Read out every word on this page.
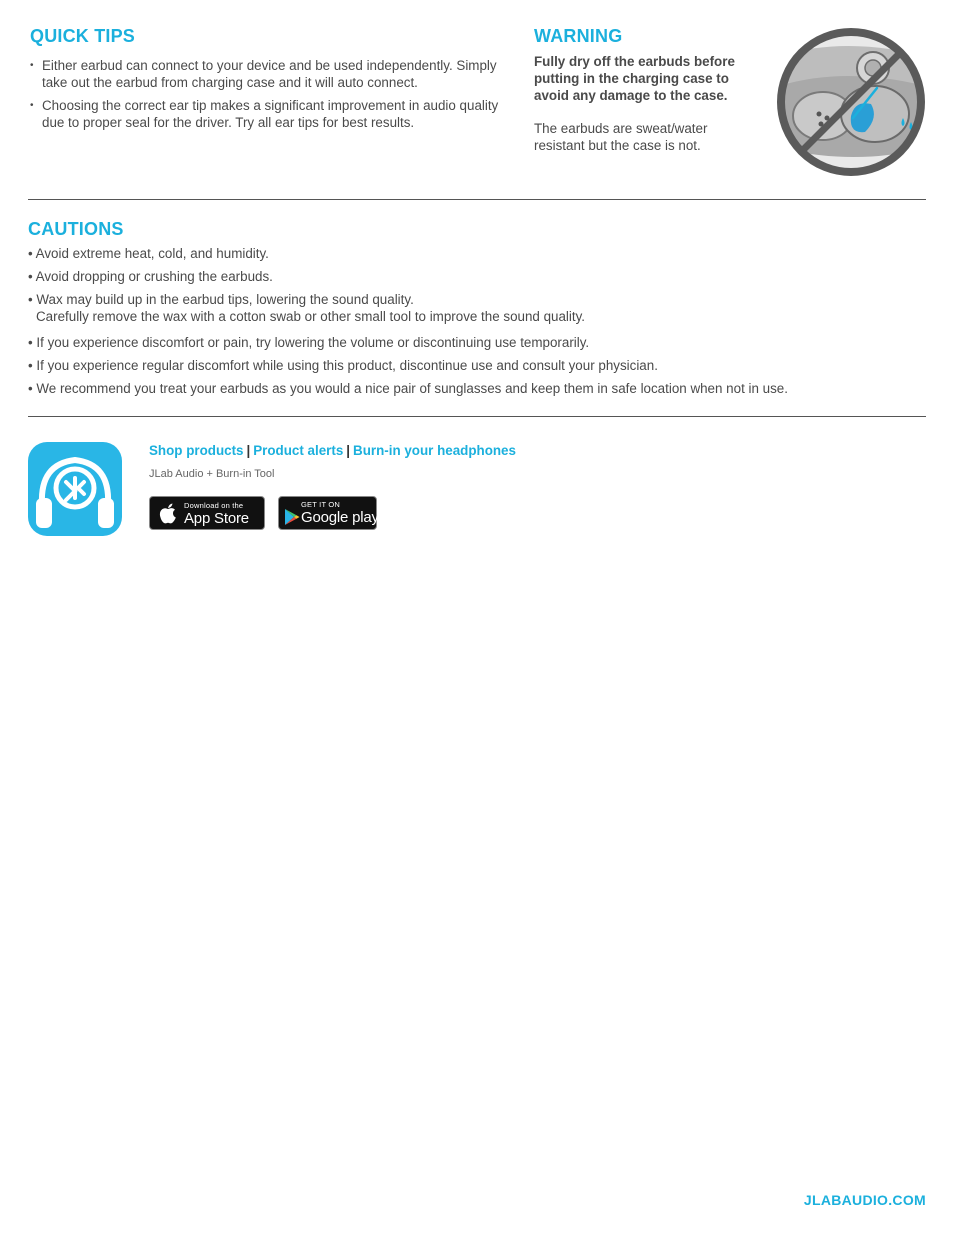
QUICK TIPS
• Either earbud can connect to your device and be used independently. Simply take out the earbud from charging case and it will auto connect.
• Choosing the correct ear tip makes a significant improvement in audio quality due to proper seal for the driver. Try all ear tips for best results.
WARNING
Fully dry off the earbuds before putting in the charging case to avoid any damage to the case.
The earbuds are sweat/water resistant but the case is not.
CAUTIONS
• Avoid extreme heat, cold, and humidity.
• Avoid dropping or crushing the earbuds.
• Wax may build up in the earbud tips, lowering the sound quality.
Carefully remove the wax with a cotton swab or other small tool to improve the sound quality.
• If you experience discomfort or pain, try lowering the volume or discontinuing use temporarily.
• If you experience regular discomfort while using this product, discontinue use and consult your physician.
• We recommend you treat your earbuds as you would a nice pair of sunglasses and keep them in safe location when not in use.
Shop products | Product alerts | Burn-in your headphones
JLab Audio + Burn-in Tool
Download on the
App Store
GET IT ON
Google play
JLABAUDIO.COM
